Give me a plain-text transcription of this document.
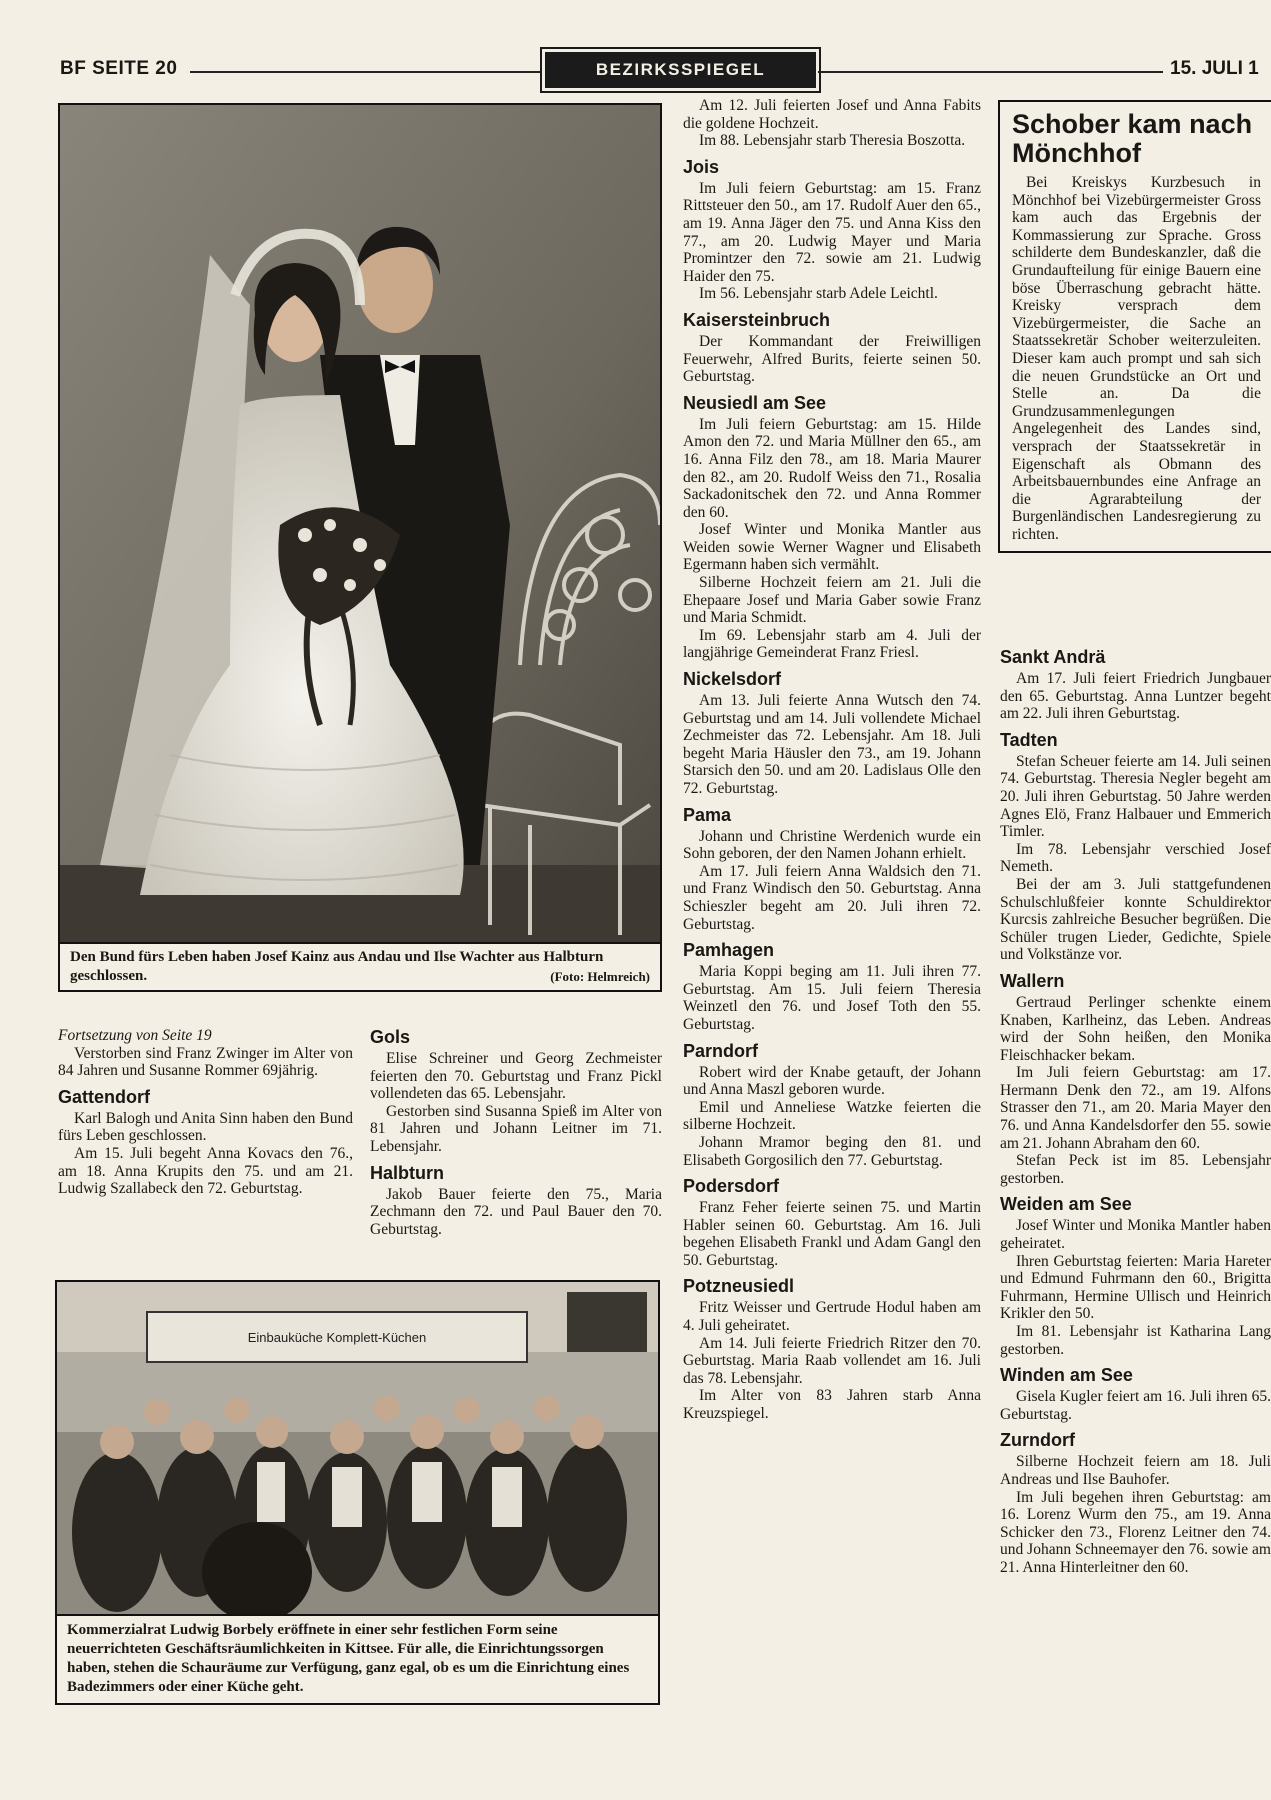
BF SEITE 20	BEZIRKSSPIEGEL	15. JULI 1
Den Bund fürs Leben haben Josef Kainz aus Andau und Ilse Wachter aus Halbturn geschlossen.	(Foto: Helmreich)

Fortsetzung von Seite 19

Verstorben sind Franz Zwinger im Alter von 84 Jahren und Susanne Rommer 69jährig.

Gattendorf

Karl Balogh und Anita Sinn haben den Bund fürs Leben geschlossen.

Am 15. Juli begeht Anna Kovacs den 76., am 18. Anna Krupits den 75. und am 21. Ludwig Szallabeck den 72. Geburtstag.

Gols

Elise Schreiner und Georg Zechmeister feierten den 70. Geburtstag und Franz Pickl vollendeten das 65. Lebensjahr.

Gestorben sind Susanna Spieß im Alter von 81 Jahren und Johann Leitner im 71. Lebensjahr.

Halbturn

Jakob Bauer feierte den 75., Maria Zechmann den 72. und Paul Bauer den 70. Geburtstag.

Einbauküche Komplett-Küchen
Kommerzialrat Ludwig Borbely eröffnete in einer sehr festlichen Form seine neuerrichteten Geschäftsräumlichkeiten in Kittsee. Für alle, die Einrichtungssorgen haben, stehen die Schauräume zur Verfügung, ganz egal, ob es um die Einrichtung eines Badezimmers oder einer Küche geht.

Am 12. Juli feierten Josef und Anna Fabits die goldene Hochzeit.

Im 88. Lebensjahr starb Theresia Boszotta.

Jois

Im Juli feiern Geburtstag: am 15. Franz Rittsteuer den 50., am 17. Rudolf Auer den 65., am 19. Anna Jäger den 75. und Anna Kiss den 77., am 20. Ludwig Mayer und Maria Promintzer den 72. sowie am 21. Ludwig Haider den 75.

Im 56. Lebensjahr starb Adele Leichtl.

Kaisersteinbruch

Der Kommandant der Freiwilligen Feuerwehr, Alfred Burits, feierte seinen 50. Geburtstag.

Neusiedl am See

Im Juli feiern Geburtstag: am 15. Hilde Amon den 72. und Maria Müllner den 65., am 16. Anna Filz den 78., am 18. Maria Maurer den 82., am 20. Rudolf Weiss den 71., Rosalia Sackadonitschek den 72. und Anna Rommer den 60.

Josef Winter und Monika Mantler aus Weiden sowie Werner Wagner und Elisabeth Egermann haben sich vermählt.

Silberne Hochzeit feiern am 21. Juli die Ehepaare Josef und Maria Gaber sowie Franz und Maria Schmidt.

Im 69. Lebensjahr starb am 4. Juli der langjährige Gemeinderat Franz Friesl.

Nickelsdorf

Am 13. Juli feierte Anna Wutsch den 74. Geburtstag und am 14. Juli vollendete Michael Zechmeister das 72. Lebensjahr. Am 18. Juli begeht Maria Häusler den 73., am 19. Johann Starsich den 50. und am 20. Ladislaus Olle den 72. Geburtstag.

Pama

Johann und Christine Werdenich wurde ein Sohn geboren, der den Namen Johann erhielt.

Am 17. Juli feiern Anna Waldsich den 71. und Franz Windisch den 50. Geburtstag. Anna Schieszler begeht am 20. Juli ihren 72. Geburtstag.

Pamhagen

Maria Koppi beging am 11. Juli ihren 77. Geburtstag. Am 15. Juli feiern Theresia Weinzetl den 76. und Josef Toth den 55. Geburtstag.

Parndorf

Robert wird der Knabe getauft, der Johann und Anna Maszl geboren wurde.

Emil und Anneliese Watzke feierten die silberne Hochzeit.

Johann Mramor beging den 81. und Elisabeth Gorgosilich den 77. Geburtstag.

Podersdorf

Franz Feher feierte seinen 75. und Martin Habler seinen 60. Geburtstag. Am 16. Juli begehen Elisabeth Frankl und Adam Gangl den 50. Geburtstag.

Potzneusiedl

Fritz Weisser und Gertrude Hodul haben am 4. Juli geheiratet.

Am 14. Juli feierte Friedrich Ritzer den 70. Geburtstag. Maria Raab vollendet am 16. Juli das 78. Lebensjahr.

Im Alter von 83 Jahren starb Anna Kreuzspiegel.

Schober kam nach Mönchhof

Bei Kreiskys Kurzbesuch in Mönchhof bei Vizebürgermeister Gross kam auch das Ergebnis der Kommassierung zur Sprache. Gross schilderte dem Bundeskanzler, daß die Grundaufteilung für einige Bauern eine böse Überraschung gebracht hätte. Kreisky versprach dem Vizebürgermeister, die Sache an Staatssekretär Schober weiterzuleiten. Dieser kam auch prompt und sah sich die neuen Grundstücke an Ort und Stelle an. Da die Grundzusammenlegungen Angelegenheit des Landes sind, versprach der Staatssekretär in Eigenschaft als Obmann des Arbeitsbauernbundes eine Anfrage an die Agrarabteilung der Burgenländischen Landesregierung zu richten.

Sankt Andrä

Am 17. Juli feiert Friedrich Jungbauer den 65. Geburtstag. Anna Luntzer begeht am 22. Juli ihren Geburtstag.

Tadten

Stefan Scheuer feierte am 14. Juli seinen 74. Geburtstag. Theresia Negler begeht am 20. Juli ihren Geburtstag. 50 Jahre werden Agnes Elö, Franz Halbauer und Emmerich Timler.

Im 78. Lebensjahr verschied Josef Nemeth.

Bei der am 3. Juli stattgefundenen Schulschlußfeier konnte Schuldirektor Kurcsis zahlreiche Besucher begrüßen. Die Schüler trugen Lieder, Gedichte, Spiele und Volkstänze vor.

Wallern

Gertraud Perlinger schenkte einem Knaben, Karlheinz, das Leben. Andreas wird der Sohn heißen, den Monika Fleischhacker bekam.

Im Juli feiern Geburtstag: am 17. Hermann Denk den 72., am 19. Alfons Strasser den 71., am 20. Maria Mayer den 76. und Anna Kandelsdorfer den 55. sowie am 21. Johann Abraham den 60.

Stefan Peck ist im 85. Lebensjahr gestorben.

Weiden am See

Josef Winter und Monika Mantler haben geheiratet.

Ihren Geburtstag feierten: Maria Hareter und Edmund Fuhrmann den 60., Brigitta Fuhrmann, Hermine Ullisch und Heinrich Krikler den 50.

Im 81. Lebensjahr ist Katharina Lang gestorben.

Winden am See

Gisela Kugler feiert am 16. Juli ihren 65. Geburtstag.

Zurndorf

Silberne Hochzeit feiern am 18. Juli Andreas und Ilse Bauhofer.

Im Juli begehen ihren Geburtstag: am 16. Lorenz Wurm den 75., am 19. Anna Schicker den 73., Florenz Leitner den 74. und Johann Schneemayer den 76. sowie am 21. Anna Hinterleitner den 60.
